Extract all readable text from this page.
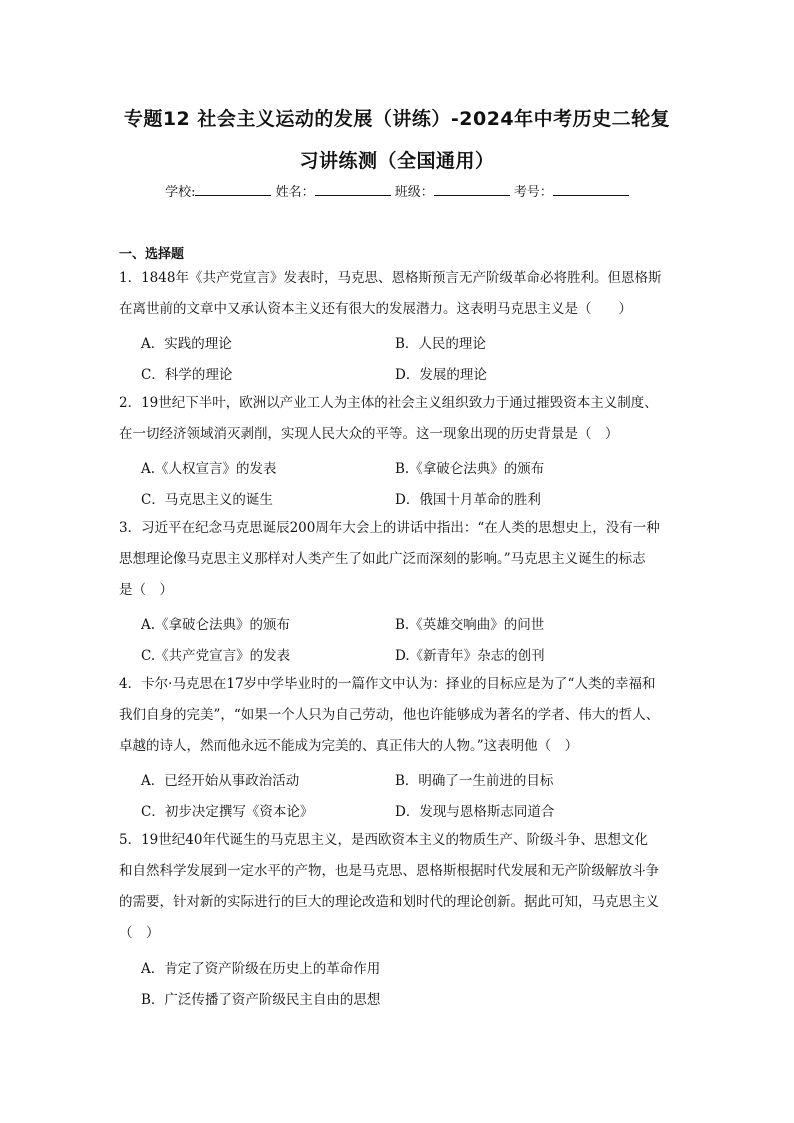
专题12 社会主义运动的发展（讲练）-2024年中考历史二轮复
习讲练测（全国通用）
学校:	姓名：	班级：	考号：
一、选择题
1．1848年《共产党宣言》发表时，马克思、恩格斯预言无产阶级革命必将胜利。但恩格斯
在离世前的文章中又承认资本主义还有很大的发展潜力。这表明马克思主义是（　　）
A．实践的理论	B．人民的理论
C．科学的理论	D．发展的理论
2．19世纪下半叶，欧洲以产业工人为主体的社会主义组织致力于通过摧毁资本主义制度、
在一切经济领域消灭剥削，实现人民大众的平等。这一现象出现的历史背景是（　）
A.《人权宣言》的发表	B.《拿破仑法典》的颁布
C．马克思主义的诞生	D．俄国十月革命的胜利
3．习近平在纪念马克思诞辰200周年大会上的讲话中指出：“在人类的思想史上，没有一种
思想理论像马克思主义那样对人类产生了如此广泛而深刻的影响。”马克思主义诞生的标志
是（　）
A.《拿破仑法典》的颁布	B.《英雄交响曲》的问世
C.《共产党宣言》的发表	D.《新青年》杂志的创刊
4．卡尔·马克思在17岁中学毕业时的一篇作文中认为：择业的目标应是为了“人类的幸福和
我们自身的完美”，“如果一个人只为自己劳动，他也许能够成为著名的学者、伟大的哲人、
卓越的诗人，然而他永远不能成为完美的、真正伟大的人物。”这表明他（　）
A．已经开始从事政治活动	B．明确了一生前进的目标
C．初步决定撰写《资本论》	D．发现与恩格斯志同道合
5．19世纪40年代诞生的马克思主义，是西欧资本主义的物质生产、阶级斗争、思想文化
和自然科学发展到一定水平的产物，也是马克思、恩格斯根据时代发展和无产阶级解放斗争
的需要，针对新的实际进行的巨大的理论改造和划时代的理论创新。据此可知，马克思主义
（　）
A．肯定了资产阶级在历史上的革命作用
B．广泛传播了资产阶级民主自由的思想
